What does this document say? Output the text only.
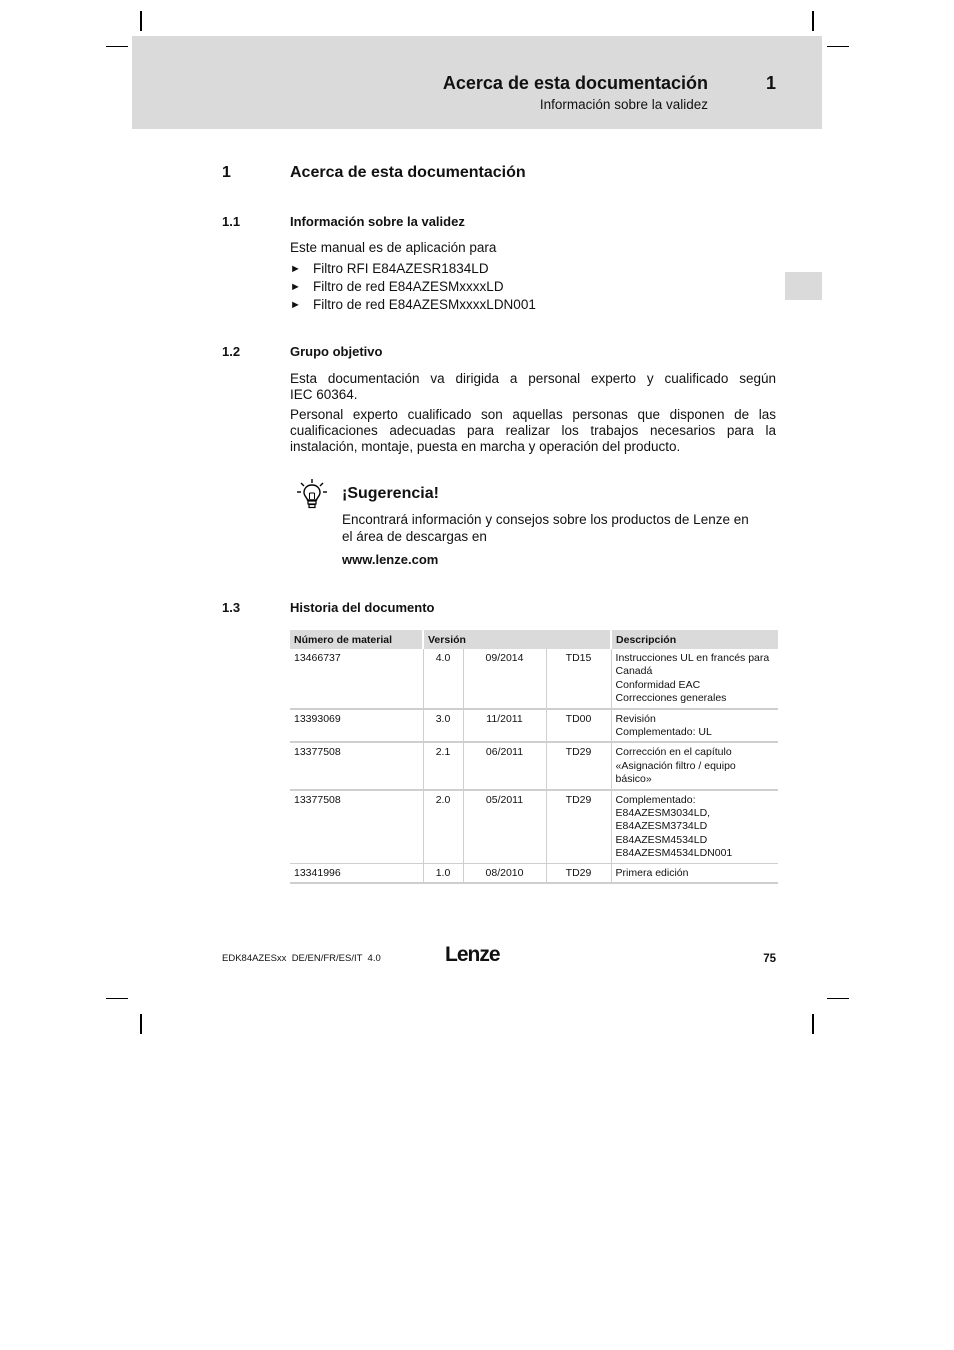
Acerca de esta documentación	1
Información sobre la validez
1	Acerca de esta documentación
1.1	Información sobre la validez
Este manual es de aplicación para
► Filtro RFI E84AZESR1834LD
► Filtro de red E84AZESMxxxxLD
► Filtro de red E84AZESMxxxxLDN001
1.2	Grupo objetivo
Esta documentación va dirigida a personal experto y cualificado según
IEC 60364.
Personal experto cualificado son aquellas personas que disponen de las
cualificaciones adecuadas para realizar los trabajos necesarios para la
instalación, montaje, puesta en marcha y operación del producto.
¡Sugerencia!
Encontrará información y consejos sobre los productos de Lenze en
el área de descargas en
www.lenze.com
1.3	Historia del documento
Número de material	Versión			Descripción
13466737	4.0	09/2014	TD15	Instrucciones UL en francés para
Canadá
Conformidad EAC
Correcciones generales

13393069	3.0	11/2011	TD00	Revisión
Complementado: UL

13377508	2.1	06/2011	TD29	Corrección en el capítulo
«Asignación filtro / equipo
básico»

13377508	2.0	05/2011	TD29	Complementado:
E84AZESM3034LD,
E84AZESM3734LD
E84AZESM4534LD
E84AZESM4534LDN001

13341996	1.0	08/2010	TD29	Primera edición
EDK84AZESxx  DE/EN/FR/ES/IT  4.0	Lenze	75
